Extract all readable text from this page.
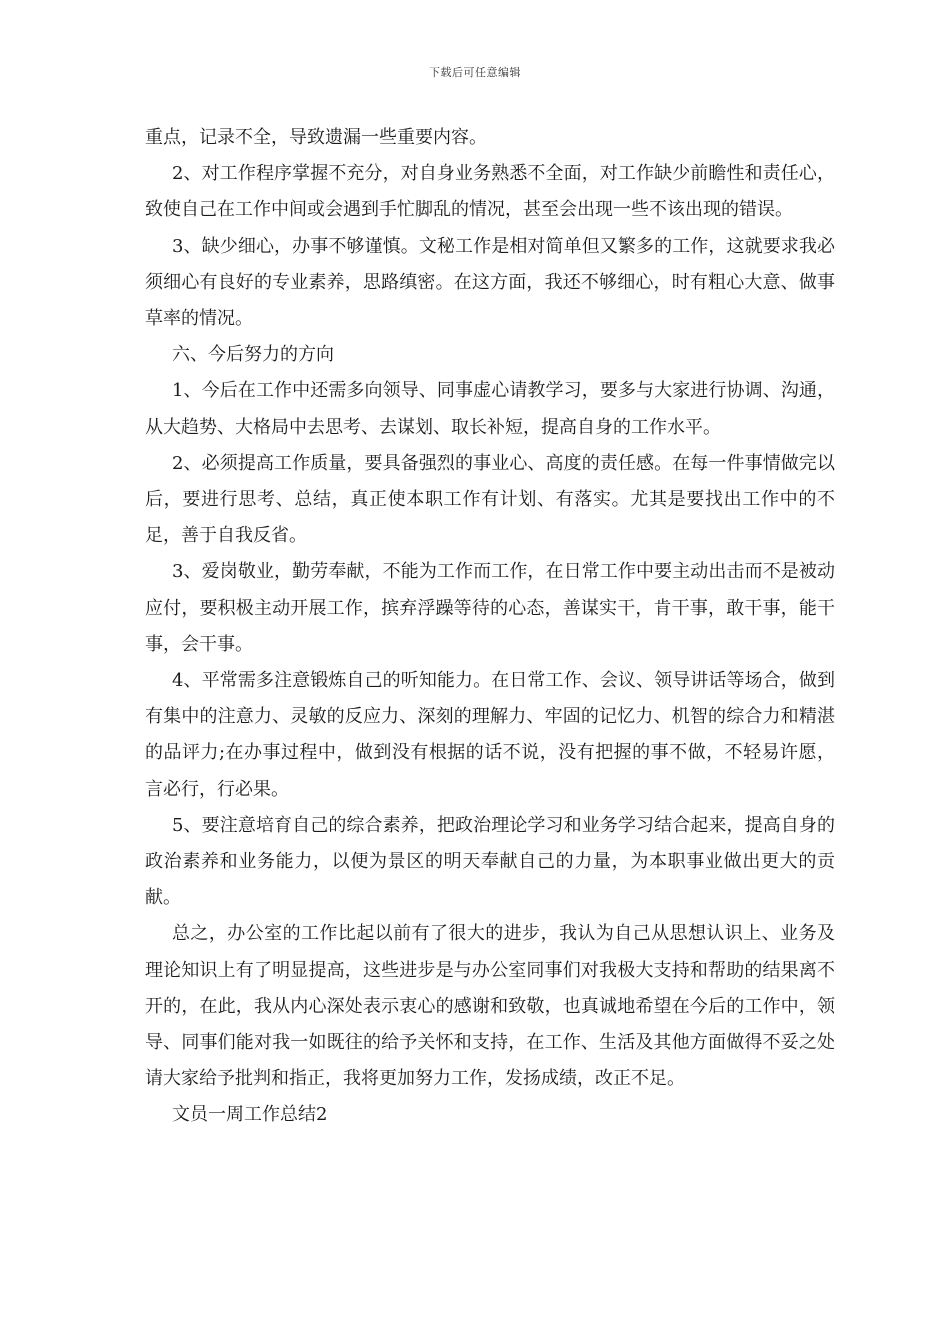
下载后可任意编辑

重点，记录不全，导致遗漏一些重要内容。

2、对工作程序掌握不充分，对自身业务熟悉不全面，对工作缺少前瞻性和责任心，致使自己在工作中间或会遇到手忙脚乱的情况，甚至会出现一些不该出现的错误。

3、缺少细心，办事不够谨慎。文秘工作是相对简单但又繁多的工作，这就要求我必须细心有良好的专业素养，思路缜密。在这方面，我还不够细心，时有粗心大意、做事草率的情况。

六、今后努力的方向

1、今后在工作中还需多向领导、同事虚心请教学习，要多与大家进行协调、沟通，从大趋势、大格局中去思考、去谋划、取长补短，提高自身的工作水平。

2、必须提高工作质量，要具备强烈的事业心、高度的责任感。在每一件事情做完以后，要进行思考、总结，真正使本职工作有计划、有落实。尤其是要找出工作中的不足，善于自我反省。

3、爱岗敬业，勤劳奉献，不能为工作而工作，在日常工作中要主动出击而不是被动应付，要积极主动开展工作，摈弃浮躁等待的心态，善谋实干，肯干事，敢干事，能干事，会干事。

4、平常需多注意锻炼自己的听知能力。在日常工作、会议、领导讲话等场合，做到有集中的注意力、灵敏的反应力、深刻的理解力、牢固的记忆力、机智的综合力和精湛的品评力;在办事过程中，做到没有根据的话不说，没有把握的事不做，不轻易许愿，言必行，行必果。

5、要注意培育自己的综合素养，把政治理论学习和业务学习结合起来，提高自身的政治素养和业务能力，以便为景区的明天奉献自己的力量，为本职事业做出更大的贡献。

总之，办公室的工作比起以前有了很大的进步，我认为自己从思想认识上、业务及理论知识上有了明显提高，这些进步是与办公室同事们对我极大支持和帮助的结果离不开的，在此，我从内心深处表示衷心的感谢和致敬，也真诚地希望在今后的工作中，领导、同事们能对我一如既往的给予关怀和支持，在工作、生活及其他方面做得不妥之处请大家给予批判和指正，我将更加努力工作，发扬成绩，改正不足。

文员一周工作总结2
